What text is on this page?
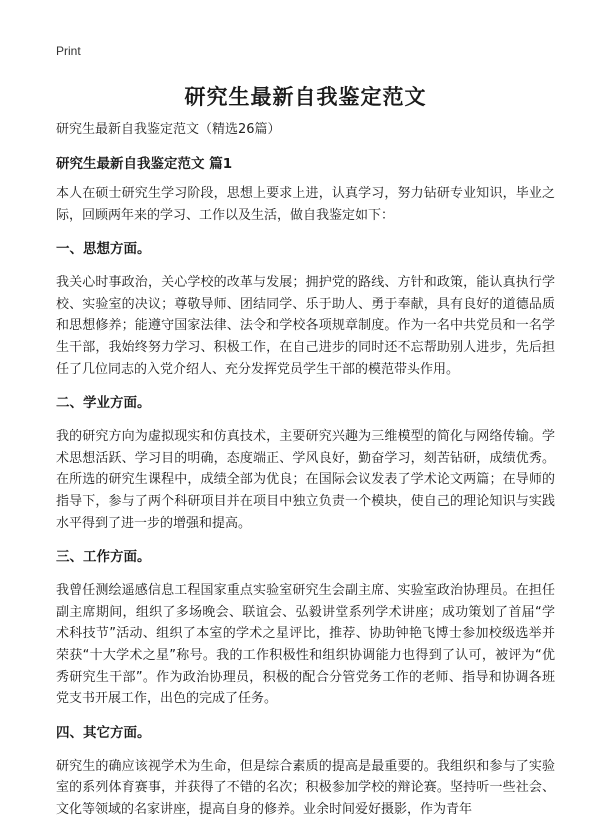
Print
研究生最新自我鉴定范文
研究生最新自我鉴定范文（精选26篇）
研究生最新自我鉴定范文 篇1
本人在硕士研究生学习阶段，思想上要求上进，认真学习，努力钻研专业知识，毕业之际，回顾两年来的学习、工作以及生活，做自我鉴定如下：
一、思想方面。
我关心时事政治，关心学校的改革与发展；拥护党的路线、方针和政策，能认真执行学校、实验室的决议；尊敬导师、团结同学、乐于助人、勇于奉献，具有良好的道德品质和思想修养；能遵守国家法律、法令和学校各项规章制度。作为一名中共党员和一名学生干部，我始终努力学习、积极工作，在自己进步的同时还不忘帮助别人进步，先后担任了几位同志的入党介绍人、充分发挥党员学生干部的模范带头作用。
二、学业方面。
我的研究方向为虚拟现实和仿真技术，主要研究兴趣为三维模型的简化与网络传输。学术思想活跃、学习目的明确，态度端正、学风良好，勤奋学习，刻苦钻研，成绩优秀。在所选的研究生课程中，成绩全部为优良；在国际会议发表了学术论文两篇；在导师的指导下，参与了两个科研项目并在项目中独立负责一个模块，使自己的理论知识与实践水平得到了进一步的增强和提高。
三、工作方面。
我曾任测绘遥感信息工程国家重点实验室研究生会副主席、实验室政治协理员。在担任副主席期间，组织了多场晚会、联谊会、弘毅讲堂系列学术讲座；成功策划了首届“学术科技节”活动、组织了本室的学术之星评比，推荐、协助钟艳飞博士参加校级选举并荣获“十大学术之星”称号。我的工作积极性和组织协调能力也得到了认可，被评为“优秀研究生干部”。作为政治协理员，积极的配合分管党务工作的老师、指导和协调各班党支书开展工作，出色的完成了任务。
四、其它方面。
研究生的确应该视学术为生命，但是综合素质的提高是最重要的。我组织和参与了实验室的系列体育赛事，并获得了不错的名次；积极参加学校的辩论赛。坚持听一些社会、文化等领域的名家讲座，提高自身的修养。业余时间爱好摄影，作为青年
